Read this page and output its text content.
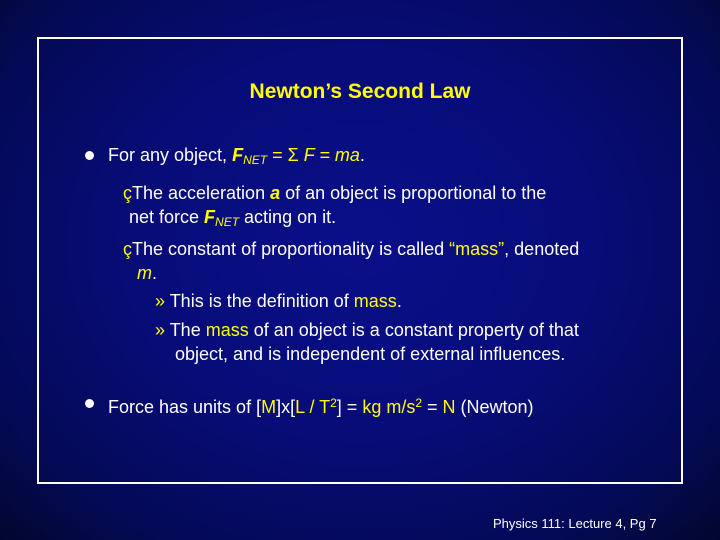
Newton’s Second Law
For any object, $F_{NET} = \Sigma$ F = ma.
çThe acceleration a of an object is proportional to the
net force $F_{NET}$ acting on it.
çThe constant of proportionality is called “mass”, denoted
m.
» This is the definition of mass.
» The mass of an object is a constant property of that
object, and is independent of external influences.
Force has units of $[M]x[L / T^2]$ = kg $m/s^2 = N$ (Newton)
Physics 111: Lecture 4, Pg 7
